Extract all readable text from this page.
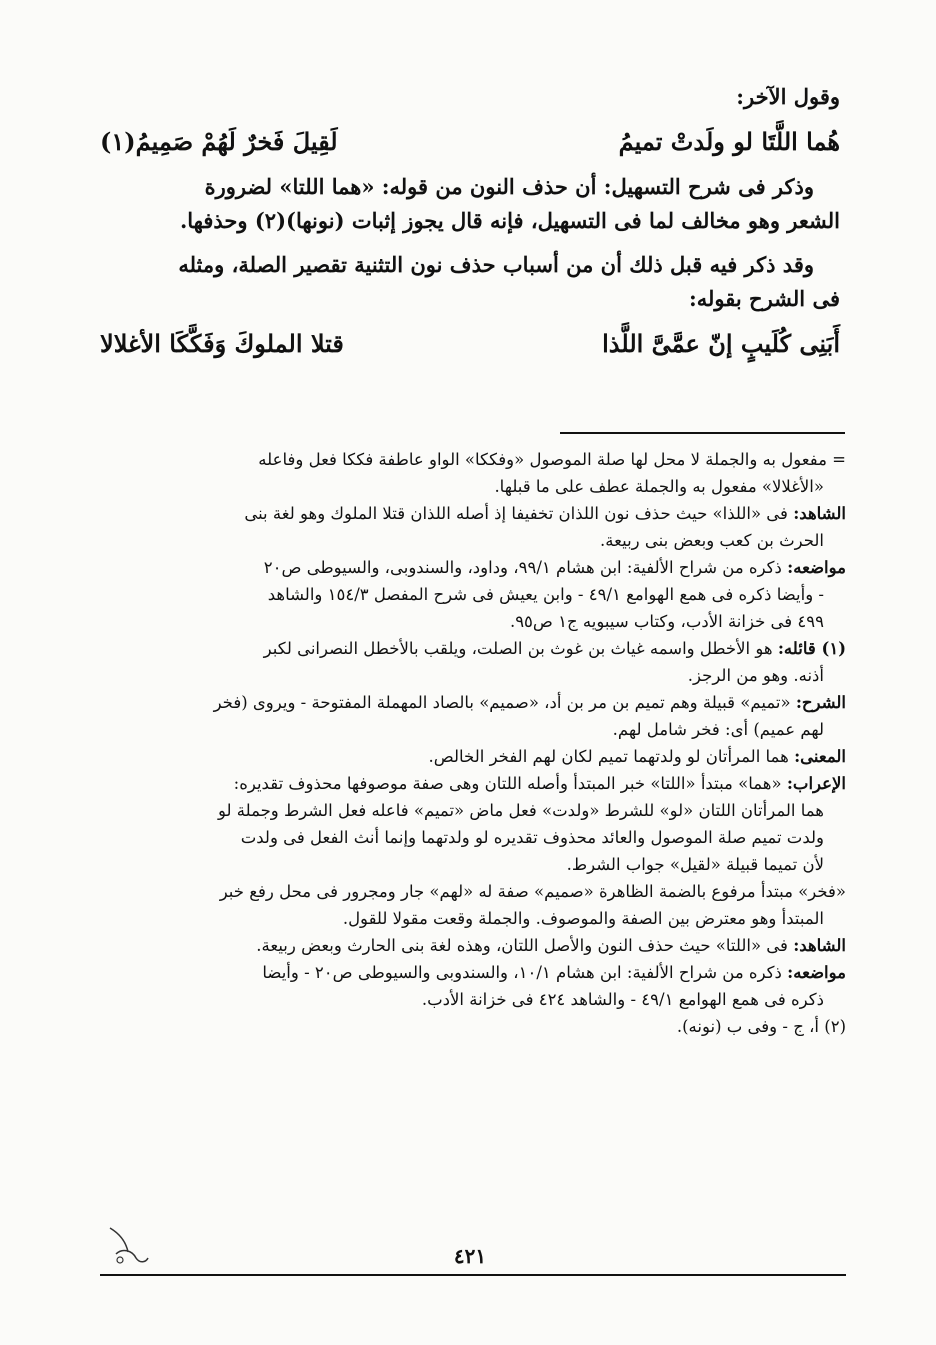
وقول الآخر:

هُما اللَّتَا لو ولَدتْ تميمُ
لَقِيلَ فَخرٌ لَهُمْ صَمِيمُ(١)

وذكر فى شرح التسهيل: أن حذف النون من قوله: «هما اللتا» لضرورة

الشعر وهو مخالف لما فى التسهيل، فإنه قال يجوز إثبات (نونها)(٢) وحذفها.

وقد ذكر فيه قبل ذلك أن من أسباب حذف نون التثنية تقصير الصلة، ومثله

فى الشرح بقوله:

أَبَنِى كُلَيبٍ إنّ عمَّىَّ اللَّذا
قتلا الملوكَ وَفَكَّكَا الأغلالا

= مفعول به والجملة لا محل لها صلة الموصول «وفككا» الواو عاطفة فككا فعل وفاعله

«الأغلالا» مفعول به والجملة عطف على ما قبلها.

الشاهد: فى «اللذا» حيث حذف نون اللذان تخفيفا إذ أصله اللذان قتلا الملوك وهو لغة بنى

الحرث بن كعب وبعض بنى ربيعة.

مواضعه: ذكره من شراح الألفية: ابن هشام ٩٩/١، وداود، والسندوبى، والسيوطى ص٢٠

- وأيضا ذكره فى همع الهوامع ٤٩/١ - وابن يعيش فى شرح المفصل ١٥٤/٣ والشاهد

٤٩٩ فى خزانة الأدب، وكتاب سيبويه ج١ ص٩٥.

(١) قائله: هو الأخطل واسمه غياث بن غوث بن الصلت، ويلقب بالأخطل النصرانى لكبر

أذنه. وهو من الرجز.

الشرح: «تميم» قبيلة وهم تميم بن مر بن أد، «صميم» بالصاد المهملة المفتوحة - ويروى (فخر

لهم عميم) أى: فخر شامل لهم.

المعنى: هما المرأتان لو ولدتهما تميم لكان لهم الفخر الخالص.

الإعراب: «هما» مبتدأ «اللتا» خبر المبتدأ وأصله اللتان وهى صفة موصوفها محذوف تقديره:

هما المرأتان اللتان «لو» للشرط «ولدت» فعل ماض «تميم» فاعله فعل الشرط وجملة لو

ولدت تميم صلة الموصول والعائد محذوف تقديره لو ولدتهما وإنما أنث الفعل فى ولدت

لأن تميما قبيلة «لقيل» جواب الشرط.

«فخر» مبتدأ مرفوع بالضمة الظاهرة «صميم» صفة له «لهم» جار ومجرور فى محل رفع خبر

المبتدأ وهو معترض بين الصفة والموصوف. والجملة وقعت مقولا للقول.

الشاهد: فى «اللتا» حيث حذف النون والأصل اللتان، وهذه لغة بنى الحارث وبعض ربيعة.

مواضعه: ذكره من شراح الألفية: ابن هشام ١٠/١، والسندوبى والسيوطى ص٢٠ - وأيضا

ذكره فى همع الهوامع ٤٩/١ - والشاهد ٤٢٤ فى خزانة الأدب.

(٢) أ، ج - وفى ب (نونه).

٤٢١
